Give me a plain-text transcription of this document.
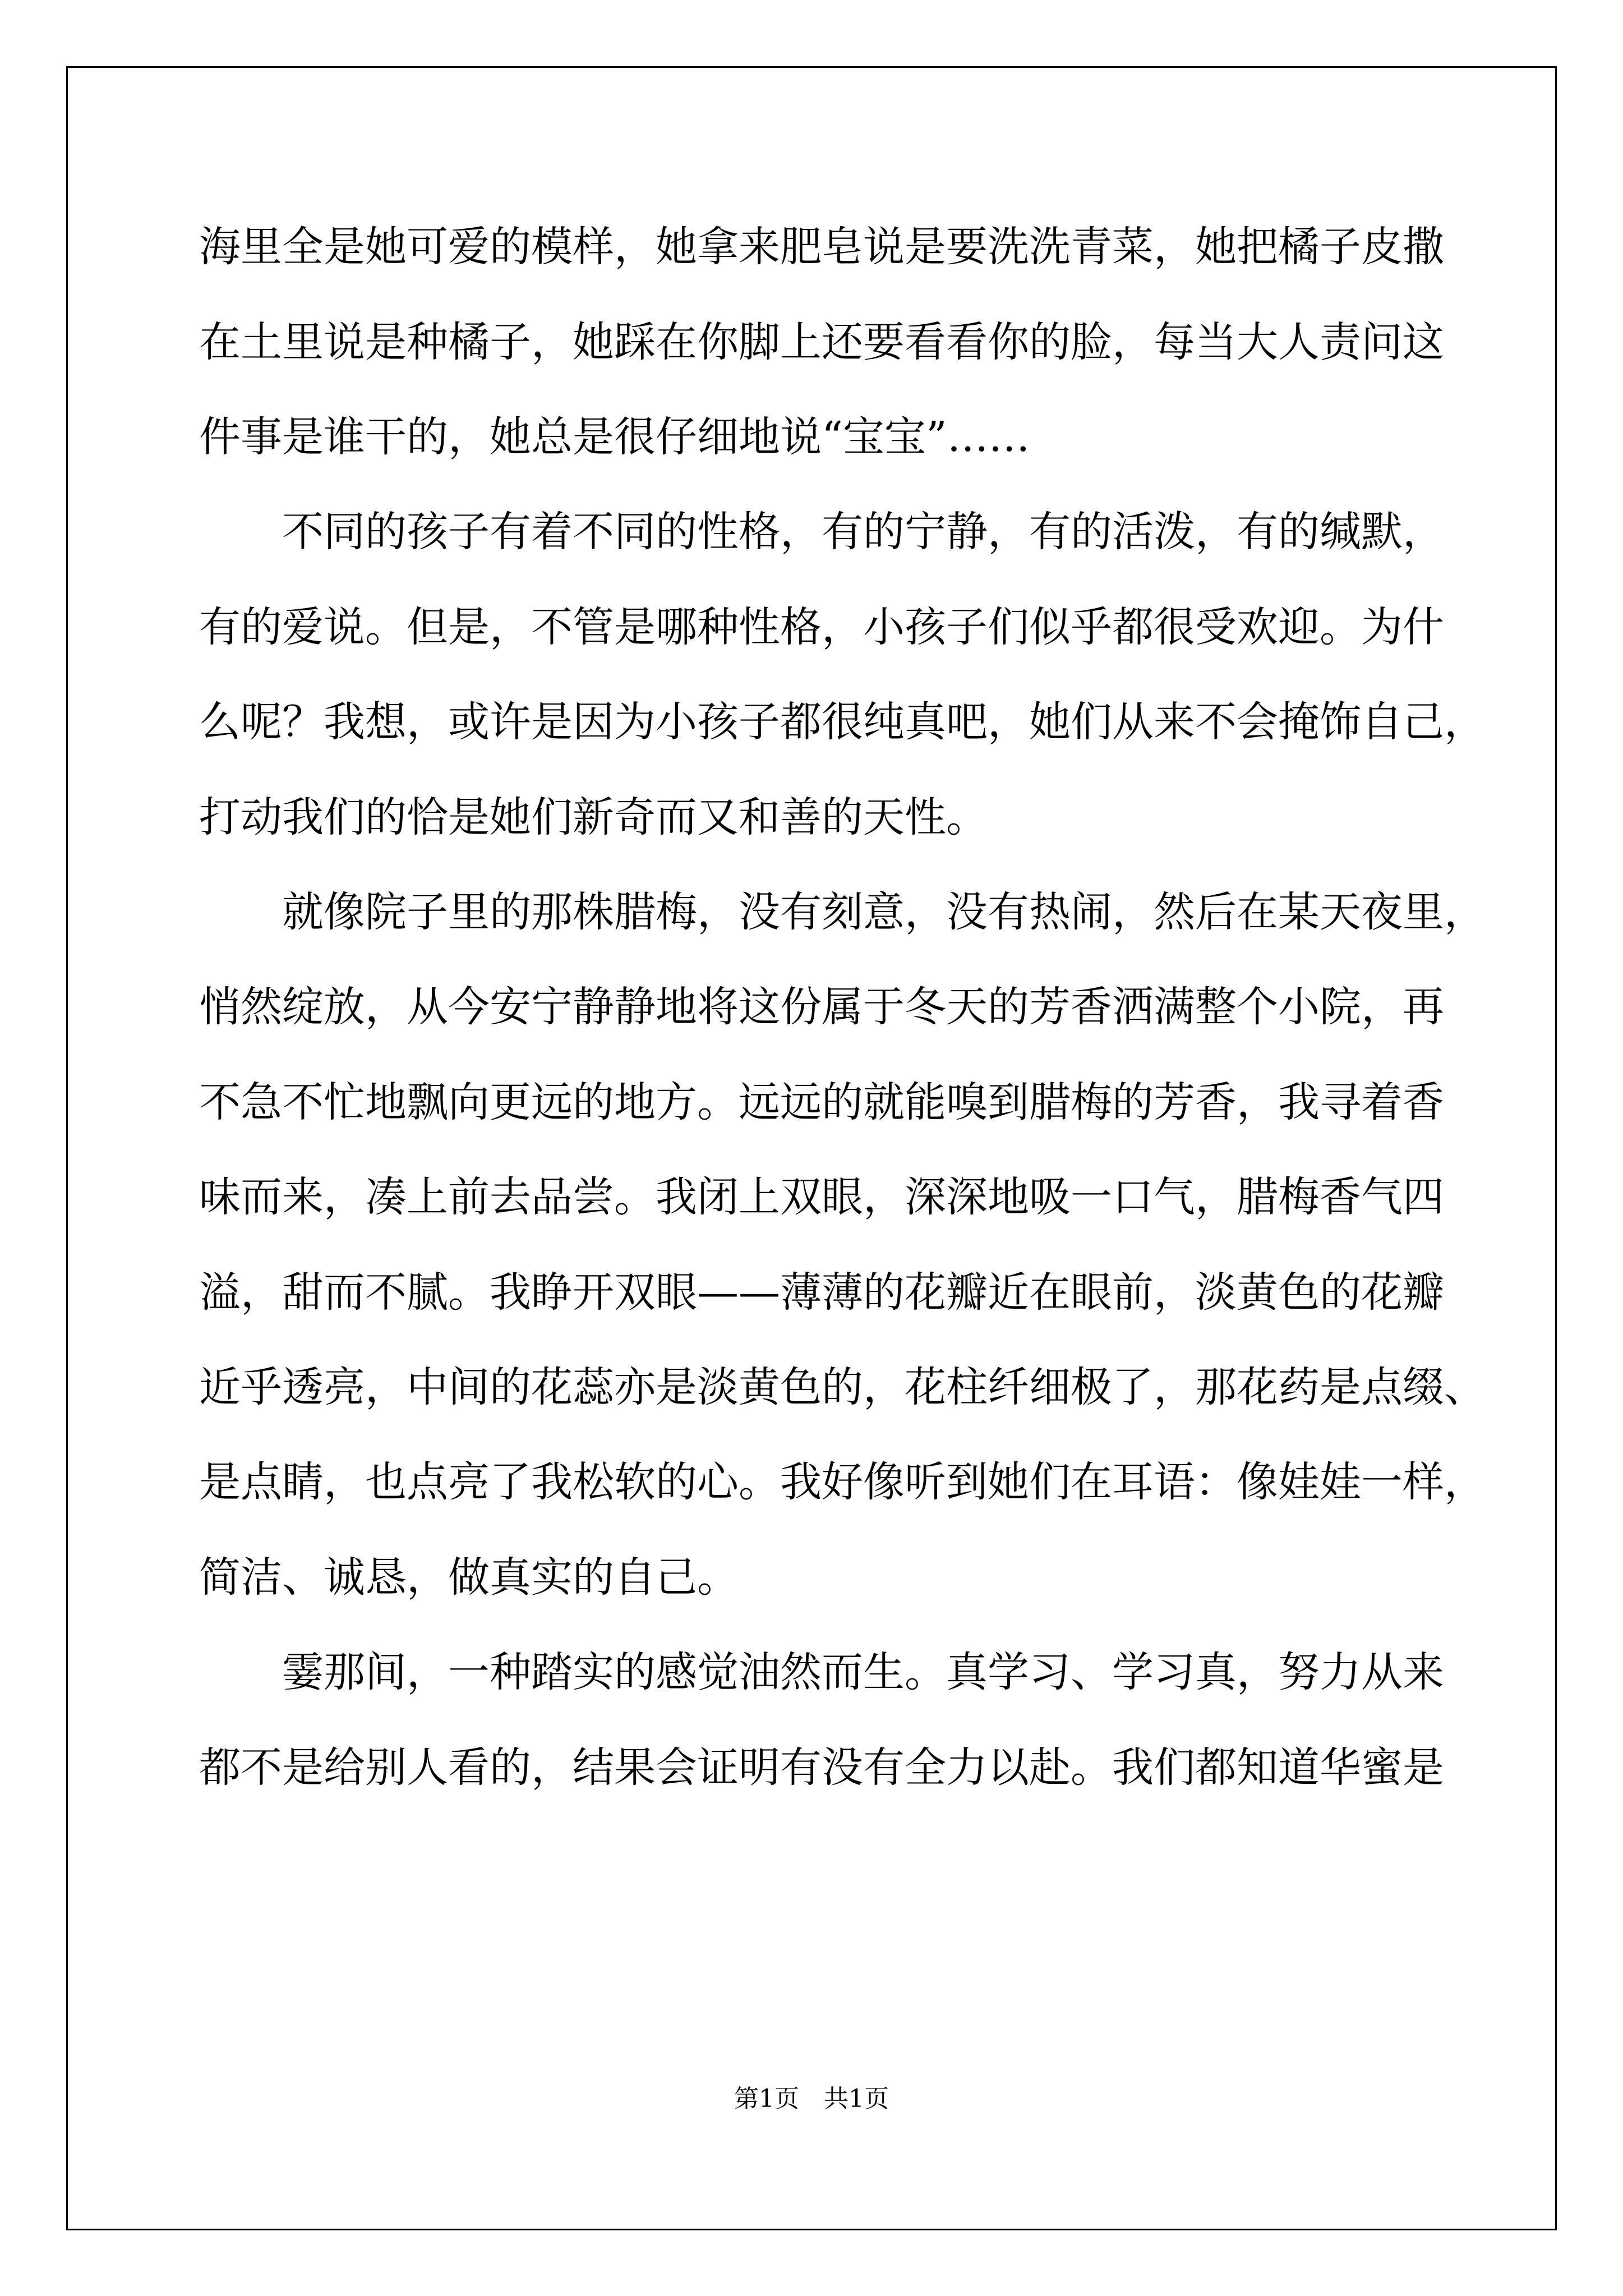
海里全是她可爱的模样，她拿来肥皂说是要洗洗青菜，她把橘子皮撒

在土里说是种橘子，她踩在你脚上还要看看你的脸，每当大人责问这

件事是谁干的，她总是很仔细地说“宝宝”……

　　不同的孩子有着不同的性格，有的宁静，有的活泼，有的缄默，

有的爱说。但是，不管是哪种性格，小孩子们似乎都很受欢迎。为什

么呢？我想，或许是因为小孩子都很纯真吧，她们从来不会掩饰自己，

打动我们的恰是她们新奇而又和善的天性。

　　就像院子里的那株腊梅，没有刻意，没有热闹，然后在某天夜里，

悄然绽放，从今安宁静静地将这份属于冬天的芳香洒满整个小院，再

不急不忙地飘向更远的地方。远远的就能嗅到腊梅的芳香，我寻着香

味而来，凑上前去品尝。我闭上双眼，深深地吸一口气，腊梅香气四

溢，甜而不腻。我睁开双眼——薄薄的花瓣近在眼前，淡黄色的花瓣

近乎透亮，中间的花蕊亦是淡黄色的，花柱纤细极了，那花药是点缀、

是点睛，也点亮了我松软的心。我好像听到她们在耳语：像娃娃一样，

简洁、诚恳，做真实的自己。

　　霎那间，一种踏实的感觉油然而生。真学习、学习真，努力从来

都不是给别人看的，结果会证明有没有全力以赴。我们都知道华蜜是

第1页　共1页
